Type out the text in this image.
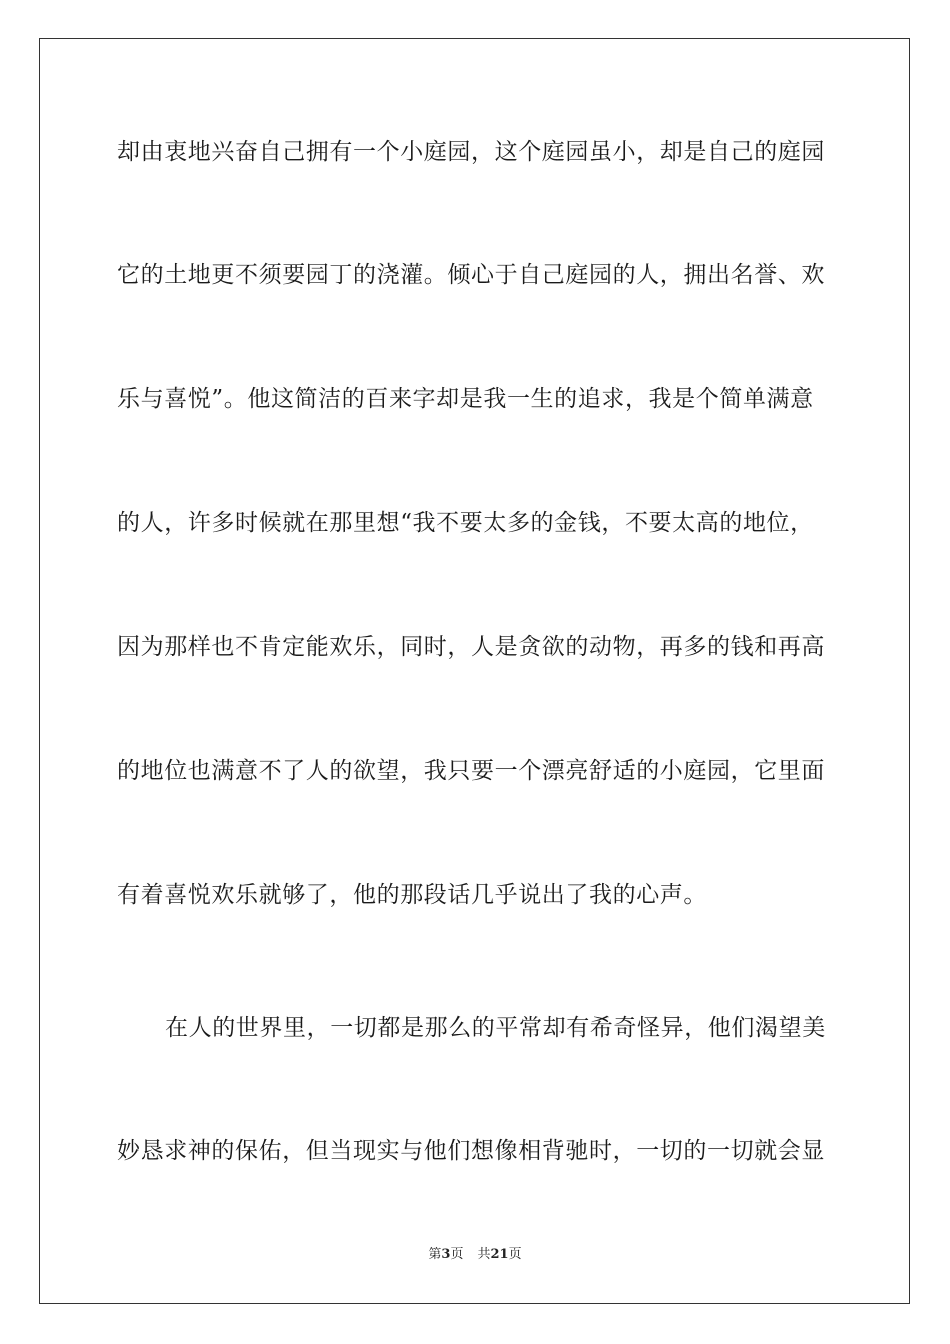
却由衷地兴奋自己拥有一个小庭园，这个庭园虽小，却是自己的庭园
它的土地更不须要园丁的浇灌。倾心于自己庭园的人，拥出名誉、欢
乐与喜悦”。他这简洁的百来字却是我一生的追求，我是个简单满意
的人，许多时候就在那里想“我不要太多的金钱，不要太高的地位，
因为那样也不肯定能欢乐，同时，人是贪欲的动物，再多的钱和再高
的地位也满意不了人的欲望，我只要一个漂亮舒适的小庭园，它里面
有着喜悦欢乐就够了，他的那段话几乎说出了我的心声。
在人的世界里，一切都是那么的平常却有希奇怪异，他们渴望美
妙恳求神的保佑，但当现实与他们想像相背驰时，一切的一切就会显
第3页 共21页
